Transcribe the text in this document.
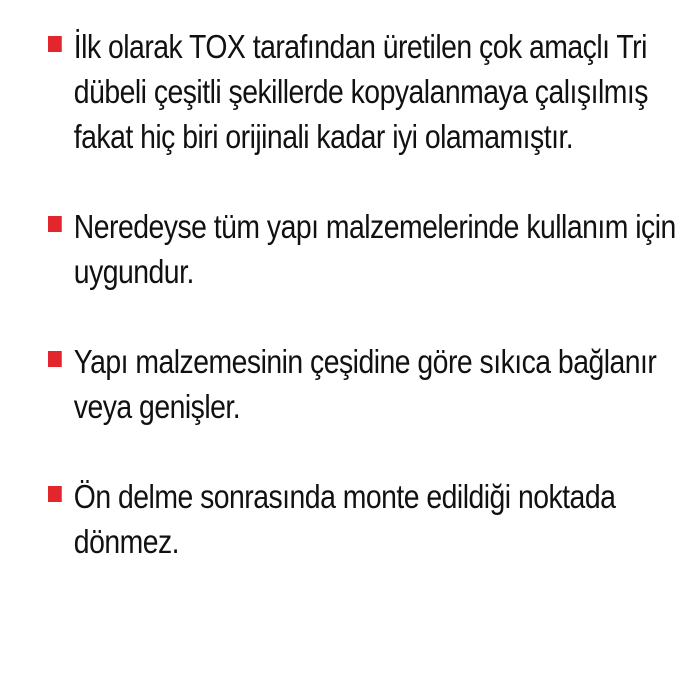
İlk olarak TOX tarafından üretilen çok amaçlı Tri dübeli çeşitli şekillerde kopyalanmaya çalışılmış fakat hiç biri orijinali kadar iyi olamamıştır.
Neredeyse tüm yapı malzemelerinde kullanım için uygundur.
Yapı malzemesinin çeşidine göre sıkıca bağlanır veya genişler.
Ön delme sonrasında monte edildiği noktada dönmez.
